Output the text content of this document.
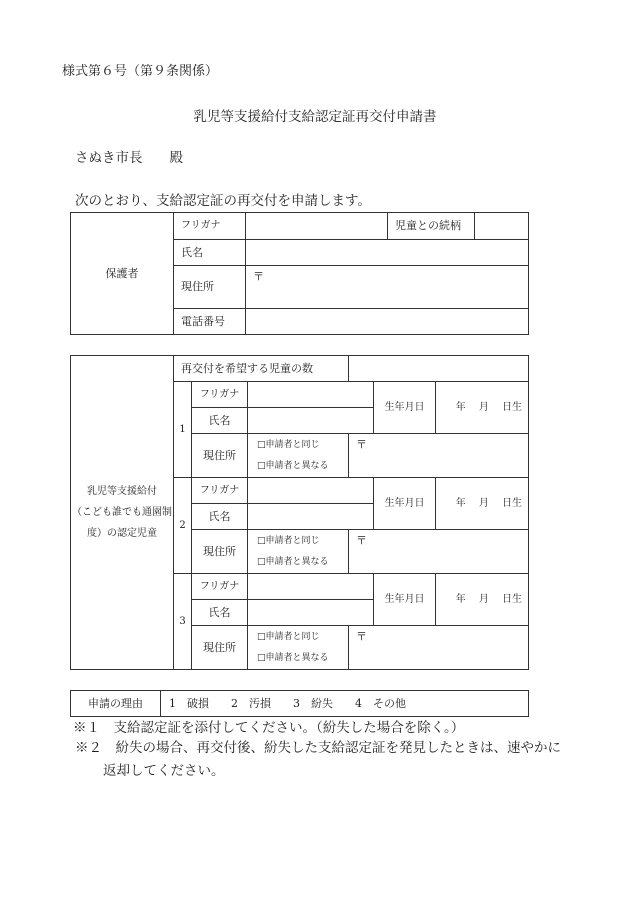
様式第６号（第９条関係）
乳児等支援給付支給認定証再交付申請書
さぬき市長　　殿
次のとおり、支給認定証の再交付を申請します。
保護者	フリガナ		児童との続柄	
	氏名			
	現住所	〒		
	電話番号			
乳児等支援給付
（こども誰でも通園制
度）の認定児童	再交付を希望する児童の数					
	1	フリガナ			生年月日	年　 月　 日生
		氏名				
		現住所	□申請者と同じ
□申請者と異なる	〒		
	2	フリガナ			生年月日	年　 月　 日生
		氏名				
		現住所	□申請者と同じ
□申請者と異なる	〒		
	3	フリガナ			生年月日	年　 月　 日生
		氏名				
		現住所	□申請者と同じ
□申請者と異なる	〒		
申請の理由	1　破損　　2　汚損　　3　紛失　　4　その他
※１　支給認定証を添付してください。（紛失した場合を除く。）
※２　紛失の場合、再交付後、紛失した支給認定証を発見したときは、速やかに
返却してください。
